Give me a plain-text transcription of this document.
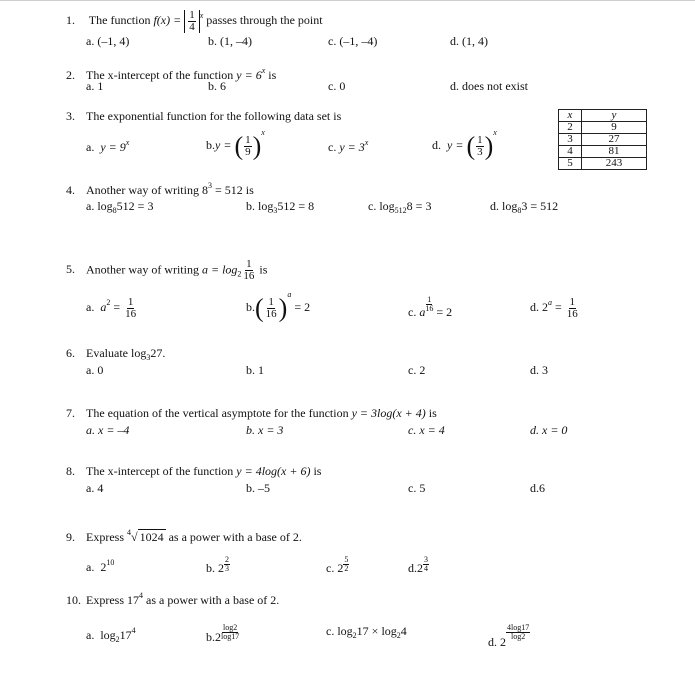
1. The function $f(x) = \frac{1}{4} ^x$ passes through the point
a. (–1, 4)	b. (1, –4)	c. (–1, –4)	d. (1, 4)
2. The x-intercept of the function $y = 6^x$ is
a. 1	b. 6	c. 0	d. does not exist
3. The exponential function for the following data set is
a. $y = 9^x$	b.y = ( $\frac{1}{9} )^x$
c. $y = 3^x$	d. y = ( $\frac{1}{3} )^x$
x	y
2	9
3	27
4	81
5	243
4. Another way of writing $8^3 = 512$ is
a. $\log_8512 = 3$	b. $\log_3512 = 8$	c. $\log_{512}8 = 3$	d. $\log_83 = 512$
5. Another way of writing $a = \log_2 \frac{1}{16}$ is
a. $a^2 = \frac{1}{16}$	$b.( \frac{1}{16} )^a = 2$	c. a $\frac{1}{16} = 2$	d. $2^a = \frac{1}{16}$
6. Evaluate $\log_327$.
a. 0	b. 1	c. 2	d. 3
7. The equation of the vertical asymptote for the function y = 3log(x + 4) is
a. x = –4	b. x = 3	c. x = 4	d. x = 0
8. The x-intercept of the function y = 4log(x + 6) is
a. 4	b. –5	c. 5	d.6
9. Express $^4$√ 1024 as a power with a base of 2.
a. $2^{10}$	b. $2 \frac{2}{3}$	c. $2 \frac{5}{2}$	$d.2 \frac{3}{4}$
10. Express $17^4$ as a power with a base of 2.
a. $\log_217^4$	$b.2 \frac{\log 2}{\log 17}$	c. $\log_217 \times \log_24$
d. 2
$\frac{4\log 17}{\log 2}$
